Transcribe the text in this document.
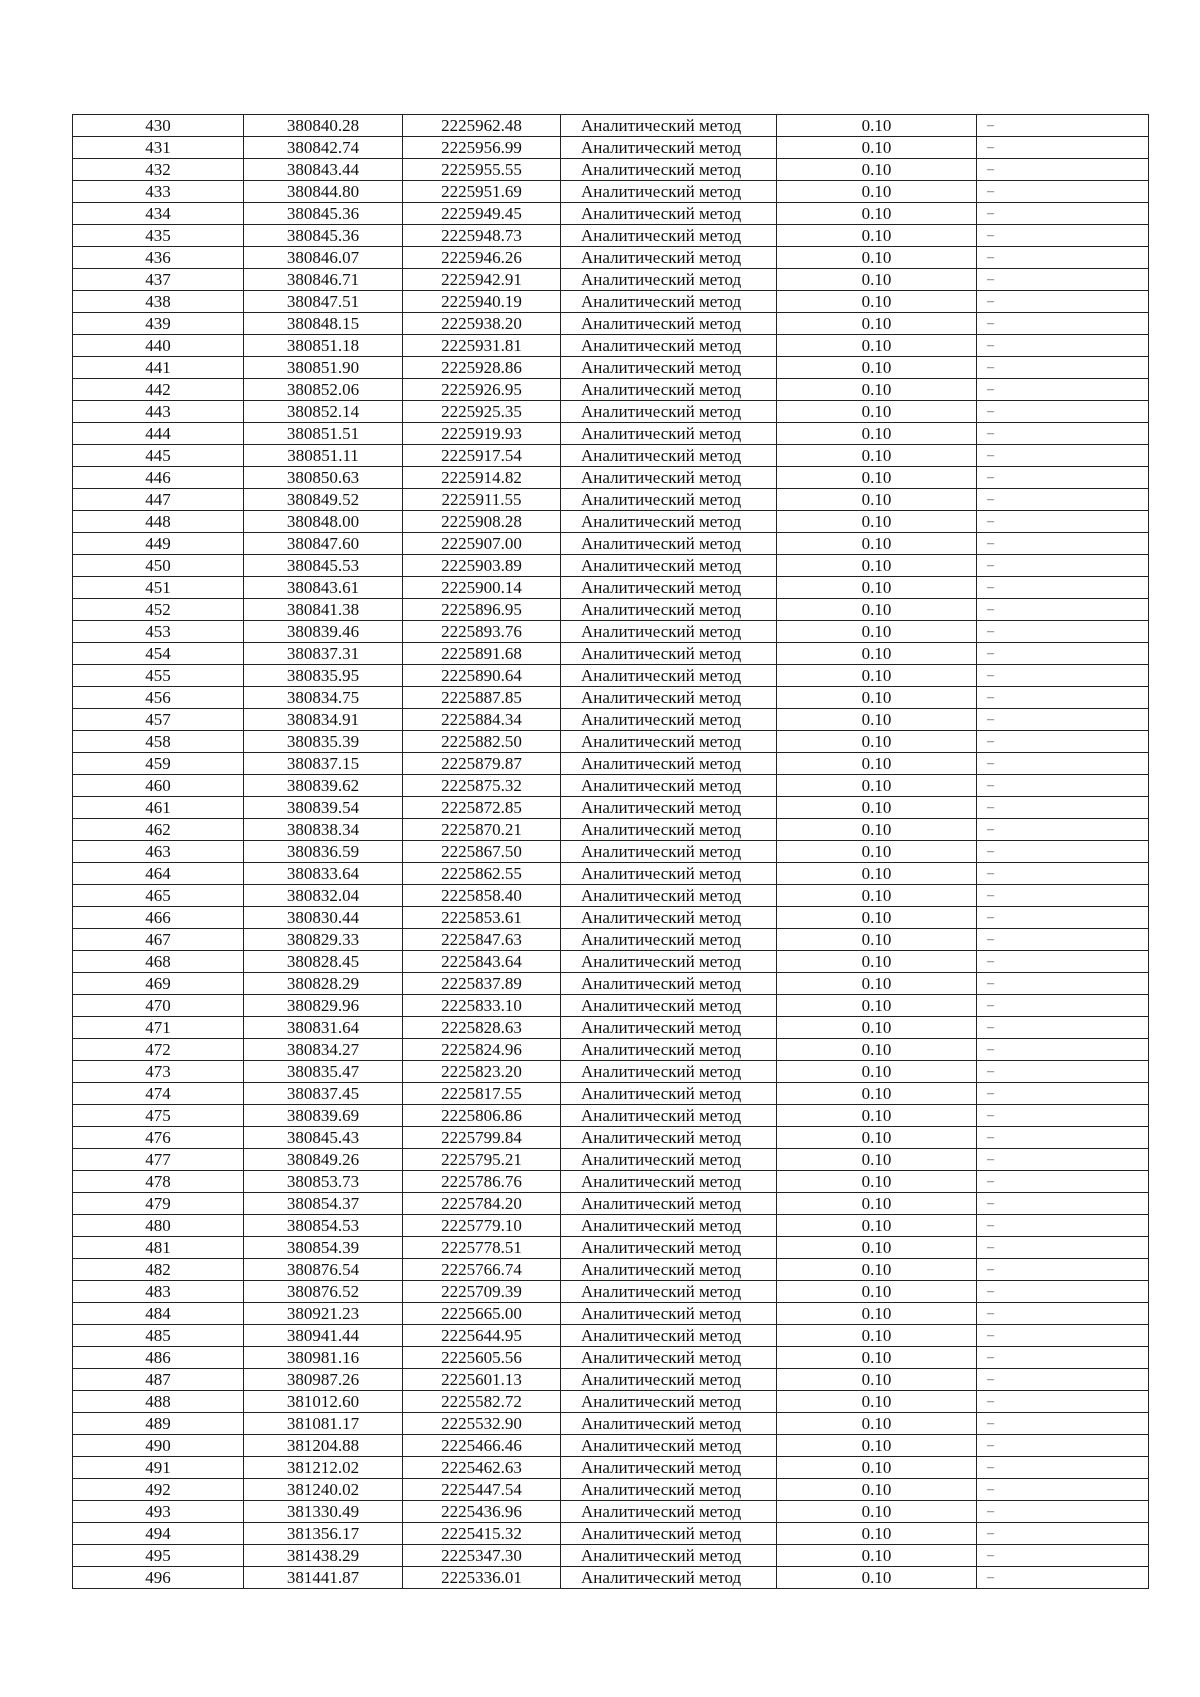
430	380840.28	2225962.48	Аналитический метод	0.10	–
431	380842.74	2225956.99	Аналитический метод	0.10	–
432	380843.44	2225955.55	Аналитический метод	0.10	–
433	380844.80	2225951.69	Аналитический метод	0.10	–
434	380845.36	2225949.45	Аналитический метод	0.10	–
435	380845.36	2225948.73	Аналитический метод	0.10	–
436	380846.07	2225946.26	Аналитический метод	0.10	–
437	380846.71	2225942.91	Аналитический метод	0.10	–
438	380847.51	2225940.19	Аналитический метод	0.10	–
439	380848.15	2225938.20	Аналитический метод	0.10	–
440	380851.18	2225931.81	Аналитический метод	0.10	–
441	380851.90	2225928.86	Аналитический метод	0.10	–
442	380852.06	2225926.95	Аналитический метод	0.10	–
443	380852.14	2225925.35	Аналитический метод	0.10	–
444	380851.51	2225919.93	Аналитический метод	0.10	–
445	380851.11	2225917.54	Аналитический метод	0.10	–
446	380850.63	2225914.82	Аналитический метод	0.10	–
447	380849.52	2225911.55	Аналитический метод	0.10	–
448	380848.00	2225908.28	Аналитический метод	0.10	–
449	380847.60	2225907.00	Аналитический метод	0.10	–
450	380845.53	2225903.89	Аналитический метод	0.10	–
451	380843.61	2225900.14	Аналитический метод	0.10	–
452	380841.38	2225896.95	Аналитический метод	0.10	–
453	380839.46	2225893.76	Аналитический метод	0.10	–
454	380837.31	2225891.68	Аналитический метод	0.10	–
455	380835.95	2225890.64	Аналитический метод	0.10	–
456	380834.75	2225887.85	Аналитический метод	0.10	–
457	380834.91	2225884.34	Аналитический метод	0.10	–
458	380835.39	2225882.50	Аналитический метод	0.10	–
459	380837.15	2225879.87	Аналитический метод	0.10	–
460	380839.62	2225875.32	Аналитический метод	0.10	–
461	380839.54	2225872.85	Аналитический метод	0.10	–
462	380838.34	2225870.21	Аналитический метод	0.10	–
463	380836.59	2225867.50	Аналитический метод	0.10	–
464	380833.64	2225862.55	Аналитический метод	0.10	–
465	380832.04	2225858.40	Аналитический метод	0.10	–
466	380830.44	2225853.61	Аналитический метод	0.10	–
467	380829.33	2225847.63	Аналитический метод	0.10	–
468	380828.45	2225843.64	Аналитический метод	0.10	–
469	380828.29	2225837.89	Аналитический метод	0.10	–
470	380829.96	2225833.10	Аналитический метод	0.10	–
471	380831.64	2225828.63	Аналитический метод	0.10	–
472	380834.27	2225824.96	Аналитический метод	0.10	–
473	380835.47	2225823.20	Аналитический метод	0.10	–
474	380837.45	2225817.55	Аналитический метод	0.10	–
475	380839.69	2225806.86	Аналитический метод	0.10	–
476	380845.43	2225799.84	Аналитический метод	0.10	–
477	380849.26	2225795.21	Аналитический метод	0.10	–
478	380853.73	2225786.76	Аналитический метод	0.10	–
479	380854.37	2225784.20	Аналитический метод	0.10	–
480	380854.53	2225779.10	Аналитический метод	0.10	–
481	380854.39	2225778.51	Аналитический метод	0.10	–
482	380876.54	2225766.74	Аналитический метод	0.10	–
483	380876.52	2225709.39	Аналитический метод	0.10	–
484	380921.23	2225665.00	Аналитический метод	0.10	–
485	380941.44	2225644.95	Аналитический метод	0.10	–
486	380981.16	2225605.56	Аналитический метод	0.10	–
487	380987.26	2225601.13	Аналитический метод	0.10	–
488	381012.60	2225582.72	Аналитический метод	0.10	–
489	381081.17	2225532.90	Аналитический метод	0.10	–
490	381204.88	2225466.46	Аналитический метод	0.10	–
491	381212.02	2225462.63	Аналитический метод	0.10	–
492	381240.02	2225447.54	Аналитический метод	0.10	–
493	381330.49	2225436.96	Аналитический метод	0.10	–
494	381356.17	2225415.32	Аналитический метод	0.10	–
495	381438.29	2225347.30	Аналитический метод	0.10	–
496	381441.87	2225336.01	Аналитический метод	0.10	–
